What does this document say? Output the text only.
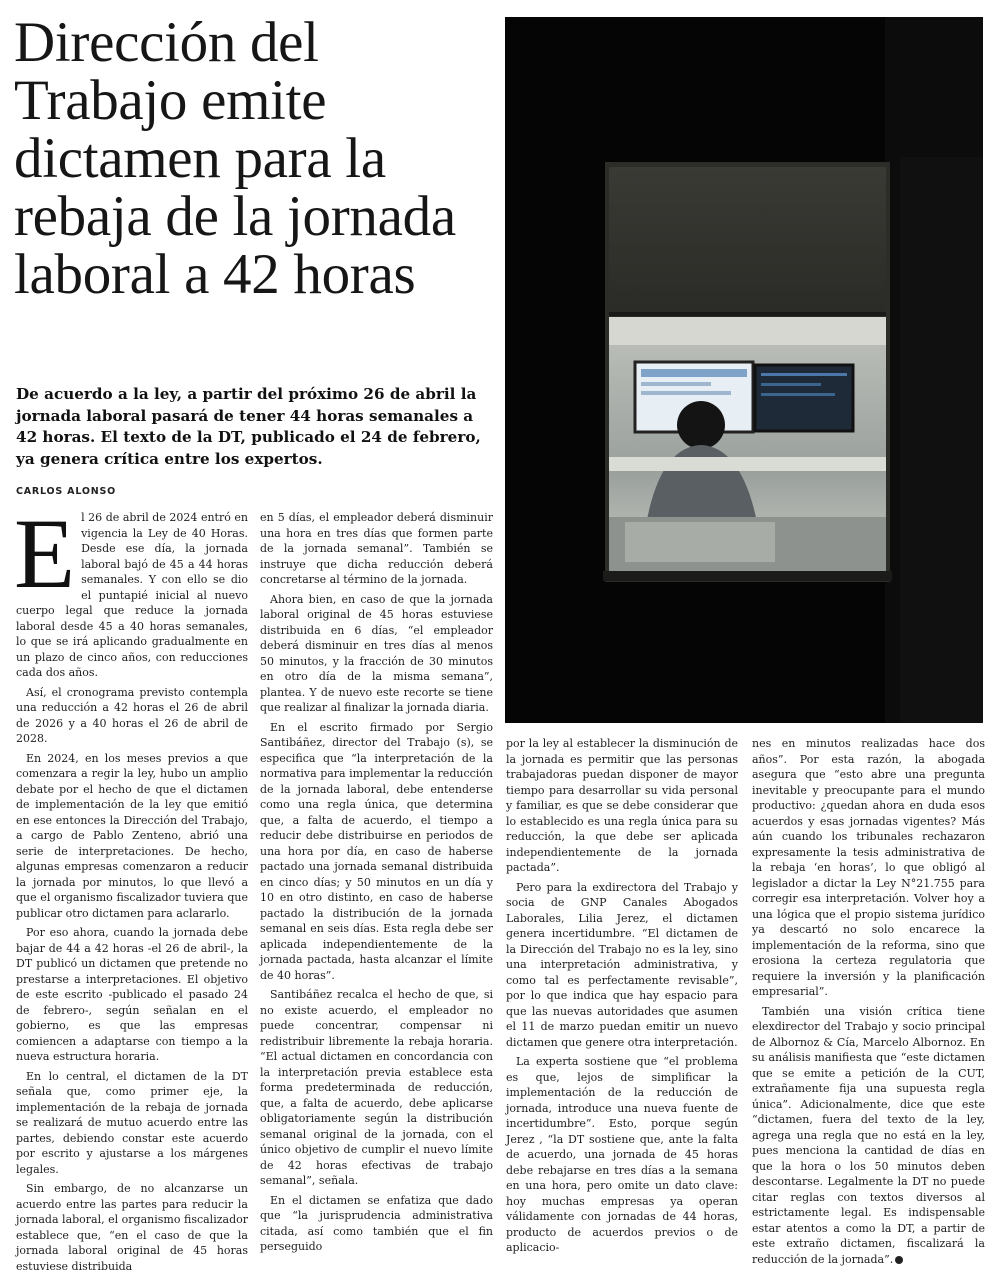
Dirección del Trabajo emite dictamen para la rebaja de la jornada laboral a 42 horas
De acuerdo a la ley, a partir del próximo 26 de abril la jornada laboral pasará de tener 44 horas semanales a 42 horas. El texto de la DT, publicado el 24 de febrero, ya genera crítica entre los expertos.
CARLOS ALONSO

El 26 de abril de 2024 entró en vigencia la Ley de 40 Horas. Desde ese día, la jornada laboral bajó de 45 a 44 horas semanales. Y con ello se dio el puntapié inicial al nuevo cuerpo legal que reduce la jornada laboral desde 45 a 40 horas semanales, lo que se irá aplicando gradualmente en un plazo de cinco años, con reducciones cada dos años.

Así, el cronograma previsto contempla una reducción a 42 horas el 26 de abril de 2026 y a 40 horas el 26 de abril de 2028.

En 2024, en los meses previos a que comenzara a regir la ley, hubo un amplio debate por el hecho de que el dictamen de implementación de la ley que emitió en ese entonces la Dirección del Trabajo, a cargo de Pablo Zenteno, abrió una serie de interpretaciones. De hecho, algunas empresas comenzaron a reducir la jornada por minutos, lo que llevó a que el organismo fiscalizador tuviera que publicar otro dictamen para aclararlo.

Por eso ahora, cuando la jornada debe bajar de 44 a 42 horas -el 26 de abril-, la DT publicó un dictamen que pretende no prestarse a interpretaciones. El objetivo de este escrito -publicado el pasado 24 de febrero-, según señalan en el gobierno, es que las empresas comiencen a adaptarse con tiempo a la nueva estructura horaria.

En lo central, el dictamen de la DT señala que, como primer eje, la implementación de la rebaja de jornada se realizará de mutuo acuerdo entre las partes, debiendo constar este acuerdo por escrito y ajustarse a los márgenes legales.

Sin embargo, de no alcanzarse un acuerdo entre las partes para reducir la jornada laboral, el organismo fiscalizador establece que, “en el caso de que la jornada laboral original de 45 horas estuviese distribuida

en 5 días, el empleador deberá disminuir una hora en tres días que formen parte de la jornada semanal”. También se instruye que dicha reducción deberá concretarse al término de la jornada.

Ahora bien, en caso de que la jornada laboral original de 45 horas estuviese distribuida en 6 días, “el empleador deberá disminuir en tres días al menos 50 minutos, y la fracción de 30 minutos en otro día de la misma semana”, plantea. Y de nuevo este recorte se tiene que realizar al finalizar la jornada diaria.

En el escrito firmado por Sergio Santibáñez, director del Trabajo (s), se especifica que “la interpretación de la normativa para implementar la reducción de la jornada laboral, debe entenderse como una regla única, que determina que, a falta de acuerdo, el tiempo a reducir debe distribuirse en periodos de una hora por día, en caso de haberse pactado una jornada semanal distribuida en cinco días; y 50 minutos en un día y 10 en otro distinto, en caso de haberse pactado la distribución de la jornada semanal en seis días. Esta regla debe ser aplicada independientemente de la jornada pactada, hasta alcanzar el límite de 40 horas”.

Santibáñez recalca el hecho de que, si no existe acuerdo, el empleador no puede concentrar, compensar ni redistribuir libremente la rebaja horaria. “El actual dictamen en concordancia con la interpretación previa establece esta forma predeterminada de reducción, que, a falta de acuerdo, debe aplicarse obligatoriamente según la distribución semanal original de la jornada, con el único objetivo de cumplir el nuevo límite de 42 horas efectivas de trabajo semanal”, señala.

En el dictamen se enfatiza que dado que “la jurisprudencia administrativa citada, así como también que el fin perseguido

por la ley al establecer la disminución de la jornada es permitir que las personas trabajadoras puedan disponer de mayor tiempo para desarrollar su vida personal y familiar, es que se debe considerar que lo establecido es una regla única para su reducción, la que debe ser aplicada independientemente de la jornada pactada”.

Pero para la exdirectora del Trabajo y socia de GNP Canales Abogados Laborales, Lilia Jerez, el dictamen genera incertidumbre. “El dictamen de la Dirección del Trabajo no es la ley, sino una interpretación administrativa, y como tal es perfectamente revisable”, por lo que indica que hay espacio para que las nuevas autoridades que asumen el 11 de marzo puedan emitir un nuevo dictamen que genere otra interpretación.

La experta sostiene que “el problema es que, lejos de simplificar la implementación de la reducción de jornada, introduce una nueva fuente de incertidumbre”. Esto, porque según Jerez , “la DT sostiene que, ante la falta de acuerdo, una jornada de 45 horas debe rebajarse en tres días a la semana en una hora, pero omite un dato clave: hoy muchas empresas ya operan válidamente con jornadas de 44 horas, producto de acuerdos previos o de aplicacio-

nes en minutos realizadas hace dos años”. Por esta razón, la abogada asegura que “esto abre una pregunta inevitable y preocupante para el mundo productivo: ¿quedan ahora en duda esos acuerdos y esas jornadas vigentes? Más aún cuando los tribunales rechazaron expresamente la tesis administrativa de la rebaja ‘en horas’, lo que obligó al legislador a dictar la Ley N°21.755 para corregir esa interpretación. Volver hoy a una lógica que el propio sistema jurídico ya descartó no solo encarece la implementación de la reforma, sino que erosiona la certeza regulatoria que requiere la inversión y la planificación empresarial”.

También una visión crítica tiene elexdirector del Trabajo y socio principal de Albornoz & Cía, Marcelo Albornoz. En su análisis manifiesta que “este dictamen que se emite a petición de la CUT, extrañamente fija una supuesta regla única”. Adicionalmente, dice que este “dictamen, fuera del texto de la ley, agrega una regla que no está en la ley, pues menciona la cantidad de días en que la hora o los 50 minutos deben descontarse. Legalmente la DT no puede citar reglas con textos diversos al estrictamente legal. Es indispensable estar atentos a como la DT, a partir de este extraño dictamen, fiscalizará la reducción de la jornada”.
